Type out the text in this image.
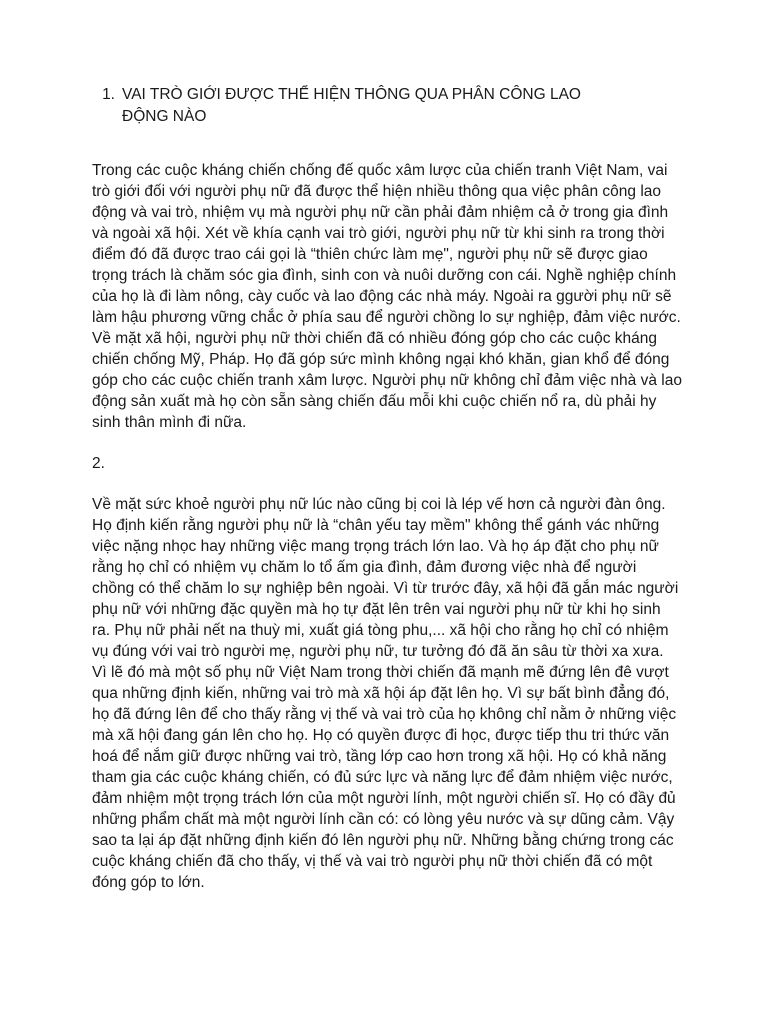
1. VAI TRÒ GIỚI ĐƯỢC THỂ HIỆN THÔNG QUA PHÂN CÔNG LAO ĐỘNG NÀO

Trong các cuộc kháng chiến chống đế quốc xâm lược của chiến tranh Việt Nam, vai trò giới đối với người phụ nữ đã được thể hiện nhiều thông qua việc phân công lao động và vai trò, nhiệm vụ mà người phụ nữ cần phải đảm nhiệm cả ở trong gia đình và ngoài xã hội. Xét về khía cạnh vai trò giới, người phụ nữ từ khi sinh ra trong thời điểm đó đã được trao cái gọi là “thiên chức làm mẹ", người phụ nữ sẽ được giao trọng trách là chăm sóc gia đình, sinh con và nuôi dưỡng con cái. Nghề nghiệp chính của họ là đi làm nông, cày cuốc và lao động các nhà máy. Ngoài ra ggười phụ nữ sẽ làm hậu phương vững chắc ở phía sau để người chồng lo sự nghiệp, đảm việc nước. Về mặt xã hội, người phụ nữ thời chiến đã có nhiều đóng góp cho các cuộc kháng chiến chống Mỹ, Pháp. Họ đã góp sức mình không ngại khó khăn, gian khổ để đóng góp cho các cuộc chiến tranh xâm lược. Người phụ nữ không chỉ đảm việc nhà và lao động sản xuất mà họ còn sẵn sàng chiến đấu mỗi khi cuộc chiến nổ ra, dù phải hy sinh thân mình đi nữa.

2.

Về mặt sức khoẻ người phụ nữ lúc nào cũng bị coi là lép vế hơn cả người đàn ông. Họ định kiến rằng người phụ nữ là “chân yếu tay mềm" không thể gánh vác những việc nặng nhọc hay những việc mang trọng trách lớn lao. Và họ áp đặt cho phụ nữ rằng họ chỉ có nhiệm vụ chăm lo tổ ấm gia đình, đảm đương việc nhà để người chồng có thể chăm lo sự nghiệp bên ngoài. Vì từ trước đây, xã hội đã gắn mác người phụ nữ với những đặc quyền mà họ tự đặt lên trên vai người phụ nữ từ khi họ sinh ra. Phụ nữ phải nết na thuỳ mi, xuất giá tòng phu,... xã hội cho rằng họ chỉ có nhiệm vụ đúng với vai trò người mẹ, người phụ nữ, tư tưởng đó đã ăn sâu từ thời xa xưa. Vì lẽ đó mà một số phụ nữ Việt Nam trong thời chiến đã mạnh mẽ đứng lên đê vượt qua những định kiến, những vai trò mà xã hội áp đặt lên họ. Vì sự bất bình đẳng đó, họ đã đứng lên để cho thấy rằng vị thế và vai trò của họ không chỉ nằm ở những việc mà xã hội đang gán lên cho họ. Họ có quyền được đi học, được tiếp thu tri thức văn hoá để nắm giữ được những vai trò, tầng lớp cao hơn trong xã hội. Họ có khả năng tham gia các cuộc kháng chiến, có đủ sức lực và năng lực để đảm nhiệm việc nước, đảm nhiệm một trọng trách lớn của một người lính, một người chiến sĩ. Họ có đầy đủ những phẩm chất mà một người lính cần có: có lòng yêu nước và sự dũng cảm. Vậy sao ta lại áp đặt những định kiến đó lên người phụ nữ. Những bằng chứng trong các cuộc kháng chiến đã cho thấy, vị thế và vai trò người phụ nữ thời chiến đã có một đóng góp to lớn.
